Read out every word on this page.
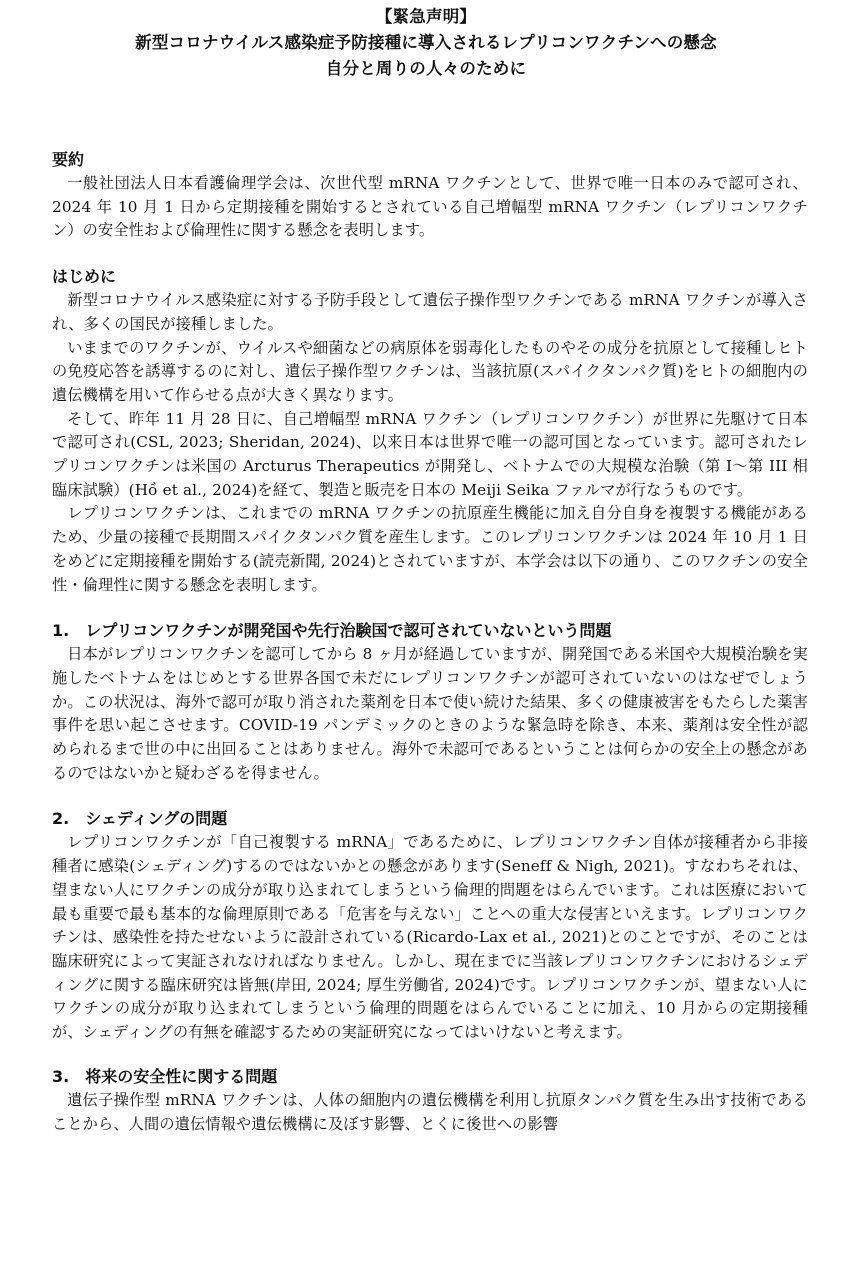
【緊急声明】
新型コロナウイルス感染症予防接種に導入されるレプリコンワクチンへの懸念
自分と周りの人々のために
要約

一般社団法人日本看護倫理学会は、次世代型 mRNA ワクチンとして、世界で唯一日本のみで認可され、2024 年 10 月 1 日から定期接種を開始するとされている自己増幅型 mRNA ワクチン（レプリコンワクチン）の安全性および倫理性に関する懸念を表明します。

はじめに

新型コロナウイルス感染症に対する予防手段として遺伝子操作型ワクチンである mRNA ワクチンが導入され、多くの国民が接種しました。

いままでのワクチンが、ウイルスや細菌などの病原体を弱毒化したものやその成分を抗原として接種しヒトの免疫応答を誘導するのに対し、遺伝子操作型ワクチンは、当該抗原(スパイクタンパク質)をヒトの細胞内の遺伝機構を用いて作らせる点が大きく異なります。

そして、昨年 11 月 28 日に、自己増幅型 mRNA ワクチン（レプリコンワクチン）が世界に先駆けて日本で認可され(CSL, 2023; Sheridan, 2024)、以来日本は世界で唯一の認可国となっています。認可されたレプリコンワクチンは米国の Arcturus Therapeutics が開発し、ベトナムでの大規模な治験（第 I〜第 III 相臨床試験）(Hồ et al., 2024)を経て、製造と販売を日本の Meiji Seika ファルマが行なうものです。

レプリコンワクチンは、これまでの mRNA ワクチンの抗原産生機能に加え自分自身を複製する機能があるため、少量の接種で長期間スパイクタンパク質を産生します。このレプリコンワクチンは 2024 年 10 月 1 日をめどに定期接種を開始する(読売新聞, 2024)とされていますが、本学会は以下の通り、このワクチンの安全性・倫理性に関する懸念を表明します。

1.　レプリコンワクチンが開発国や先行治験国で認可されていないという問題

日本がレプリコンワクチンを認可してから 8 ヶ月が経過していますが、開発国である米国や大規模治験を実施したベトナムをはじめとする世界各国で未だにレプリコンワクチンが認可されていないのはなぜでしょうか。この状況は、海外で認可が取り消された薬剤を日本で使い続けた結果、多くの健康被害をもたらした薬害事件を思い起こさせます。COVID-19 パンデミックのときのような緊急時を除き、本来、薬剤は安全性が認められるまで世の中に出回ることはありません。海外で未認可であるということは何らかの安全上の懸念があるのではないかと疑わざるを得ません。

2.　シェディングの問題

レプリコンワクチンが「自己複製する mRNA」であるために、レプリコンワクチン自体が接種者から非接種者に感染(シェディング)するのではないかとの懸念があります(Seneff & Nigh, 2021)。すなわちそれは、望まない人にワクチンの成分が取り込まれてしまうという倫理的問題をはらんでいます。これは医療において最も重要で最も基本的な倫理原則である「危害を与えない」ことへの重大な侵害といえます。レプリコンワクチンは、感染性を持たせないように設計されている(Ricardo-Lax et al., 2021)とのことですが、そのことは臨床研究によって実証されなければなりません。しかし、現在までに当該レプリコンワクチンにおけるシェディングに関する臨床研究は皆無(岸田, 2024; 厚生労働省, 2024)です。レプリコンワクチンが、望まない人にワクチンの成分が取り込まれてしまうという倫理的問題をはらんでいることに加え、10 月からの定期接種が、シェディングの有無を確認するための実証研究になってはいけないと考えます。

3.　将来の安全性に関する問題

遺伝子操作型 mRNA ワクチンは、人体の細胞内の遺伝機構を利用し抗原タンパク質を生み出す技術であることから、人間の遺伝情報や遺伝機構に及ぼす影響、とくに後世への影響
